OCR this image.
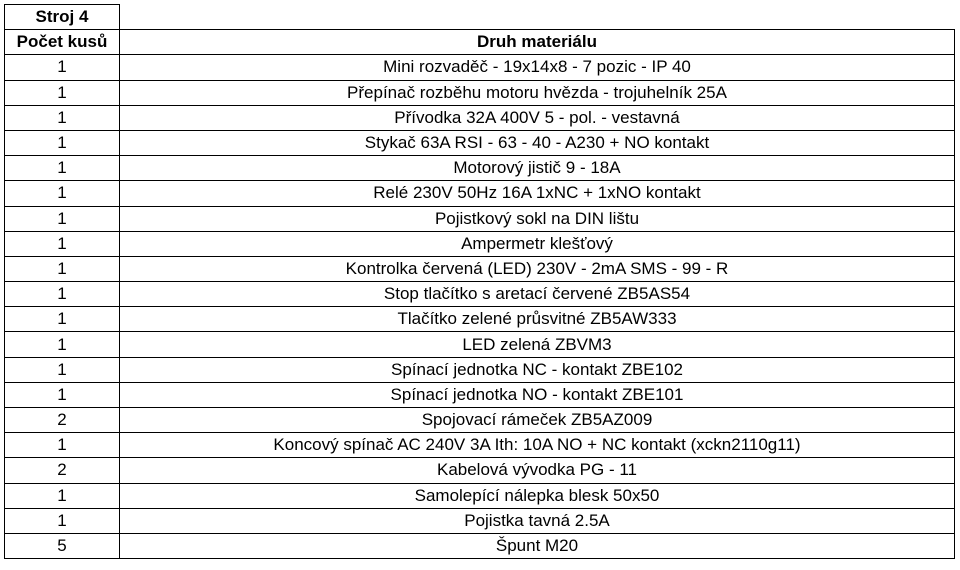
Stroj 4	
Počet kusů	Druh materiálu
1	Mini rozvaděč - 19x14x8 - 7 pozic - IP 40
1	Přepínač rozběhu motoru hvězda - trojuhelník 25A
1	Přívodka 32A 400V 5 - pol. - vestavná
1	Stykač 63A RSI - 63 - 40 - A230 + NO kontakt
1	Motorový jistič 9 - 18A
1	Relé 230V 50Hz 16A 1xNC + 1xNO kontakt
1	Pojistkový sokl na DIN lištu
1	Ampermetr klešťový
1	Kontrolka červená (LED) 230V - 2mA SMS - 99 - R
1	Stop tlačítko s aretací červené ZB5AS54
1	Tlačítko zelené průsvitné ZB5AW333
1	LED zelená ZBVM3
1	Spínací jednotka NC - kontakt ZBE102
1	Spínací jednotka NO - kontakt ZBE101
2	Spojovací rámeček ZB5AZ009
1	Koncový spínač AC 240V 3A Ith: 10A NO + NC kontakt (xckn2110g11)
2	Kabelová vývodka PG - 11
1	Samolepící nálepka blesk 50x50
1	Pojistka tavná 2.5A
5	Špunt M20
